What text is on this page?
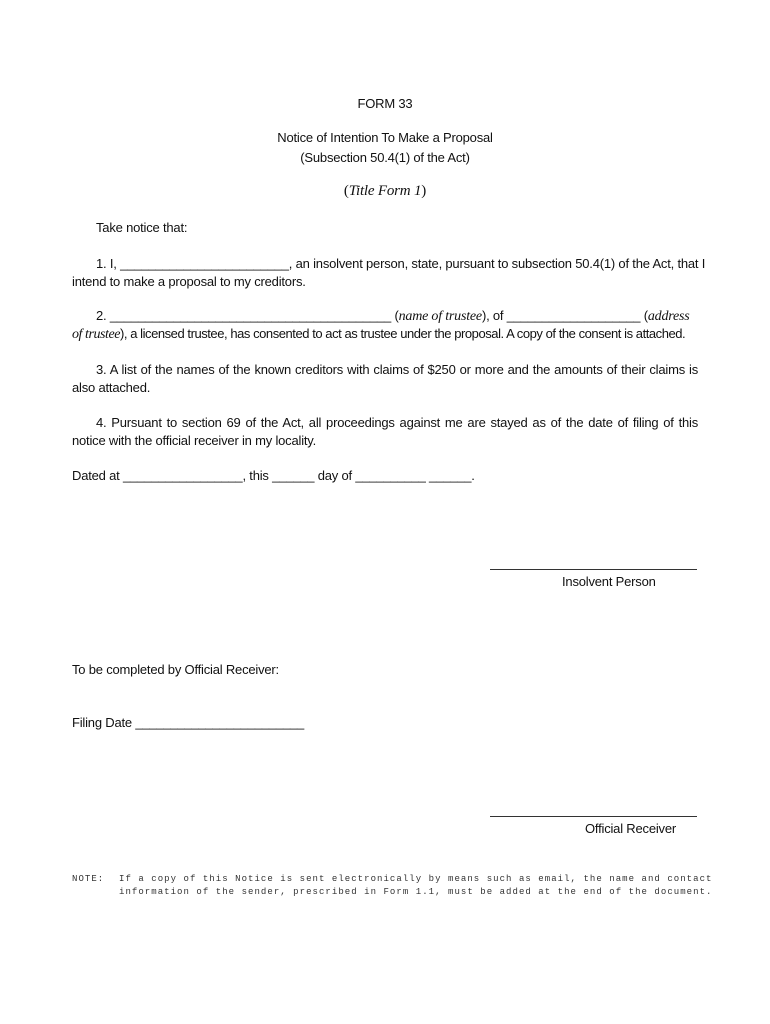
FORM 33
Notice of Intention To Make a Proposal
(Subsection 50.4(1) of the Act)
(Title Form 1)
Take notice that:
1. I, ________________________, an insolvent person, state, pursuant to subsection 50.4(1) of the Act, that I
intend to make a proposal to my creditors.
2. ________________________________________ (name of trustee), of ___________________ (address
of trustee), a licensed trustee, has consented to act as trustee under the proposal. A copy of the consent is attached.
3. A list of the names of the known creditors with claims of $250 or more and the amounts of their claims is also attached.
4. Pursuant to section 69 of the Act, all proceedings against me are stayed as of the date of filing of this notice with the official receiver in my locality.
Dated at _________________, this ______ day of __________ ______.
Insolvent Person
To be completed by Official Receiver:
Filing Date ________________________
Official Receiver
NOTE:	If a copy of this Notice is sent electronically by means such as email, the name and contact
information of the sender, prescribed in Form 1.1, must be added at the end of the document.
